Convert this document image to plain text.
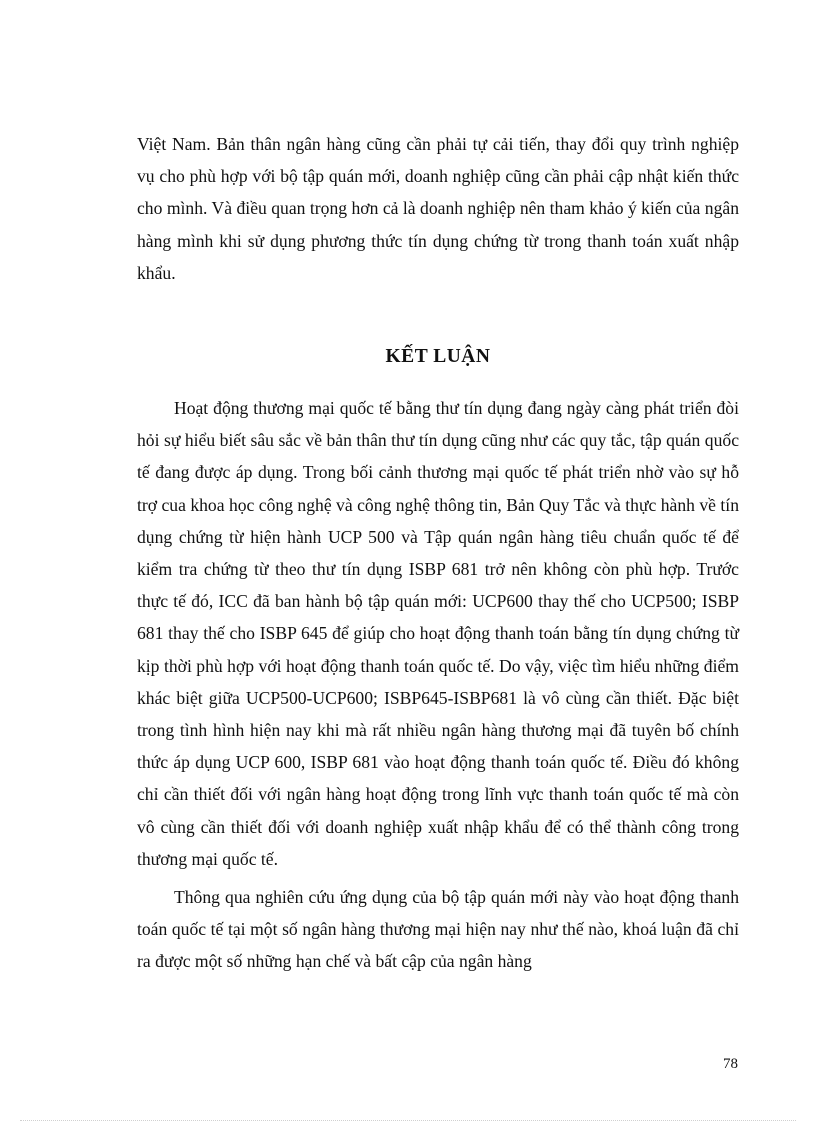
Việt Nam. Bản thân ngân hàng cũng cần phải tự cải tiến, thay đổi quy trình nghiệp vụ cho phù hợp với bộ tập quán mới, doanh nghiệp cũng cần phải cập nhật kiến thức cho mình. Và điều quan trọng hơn cả là doanh nghiệp nên tham khảo ý kiến của ngân hàng mình khi sử dụng phương thức tín dụng chứng từ trong thanh toán xuất nhập khẩu.

KẾT LUẬN

Hoạt động thương mại quốc tế bằng thư tín dụng đang ngày càng phát triển đòi hỏi sự hiểu biết sâu sắc về bản thân thư tín dụng cũng như các quy tắc, tập quán quốc tế đang được áp dụng. Trong bối cảnh thương mại quốc tế phát triển nhờ vào sự hỗ trợ cua khoa học công nghệ và công nghệ thông tin, Bản Quy Tắc và thực hành về tín dụng chứng từ hiện hành UCP 500 và Tập quán ngân hàng tiêu chuẩn quốc tế để kiểm tra chứng từ theo thư tín dụng ISBP 681 trở nên không còn phù hợp. Trước thực tế đó, ICC đã ban hành bộ tập quán mới: UCP600 thay thế cho UCP500; ISBP 681 thay thế cho ISBP 645 để giúp cho hoạt động thanh toán bằng tín dụng chứng từ kịp thời phù hợp với hoạt động thanh toán quốc tế. Do vậy, việc tìm hiểu những điểm khác biệt giữa UCP500-UCP600; ISBP645-ISBP681 là vô cùng cần thiết. Đặc biệt trong tình hình hiện nay khi mà rất nhiều ngân hàng thương mại đã tuyên bố chính thức áp dụng UCP 600, ISBP 681 vào hoạt động thanh toán quốc tế. Điều đó không chỉ cần thiết đối với ngân hàng hoạt động trong lĩnh vực thanh toán quốc tế mà còn vô cùng cần thiết đối với doanh nghiệp xuất nhập khẩu để có thể thành công trong thương mại quốc tế.

Thông qua nghiên cứu ứng dụng của bộ tập quán mới này vào hoạt động thanh toán quốc tế tại một số ngân hàng thương mại hiện nay như thế nào, khoá luận đã chỉ ra được một số những hạn chế và bất cập của ngân hàng

78
